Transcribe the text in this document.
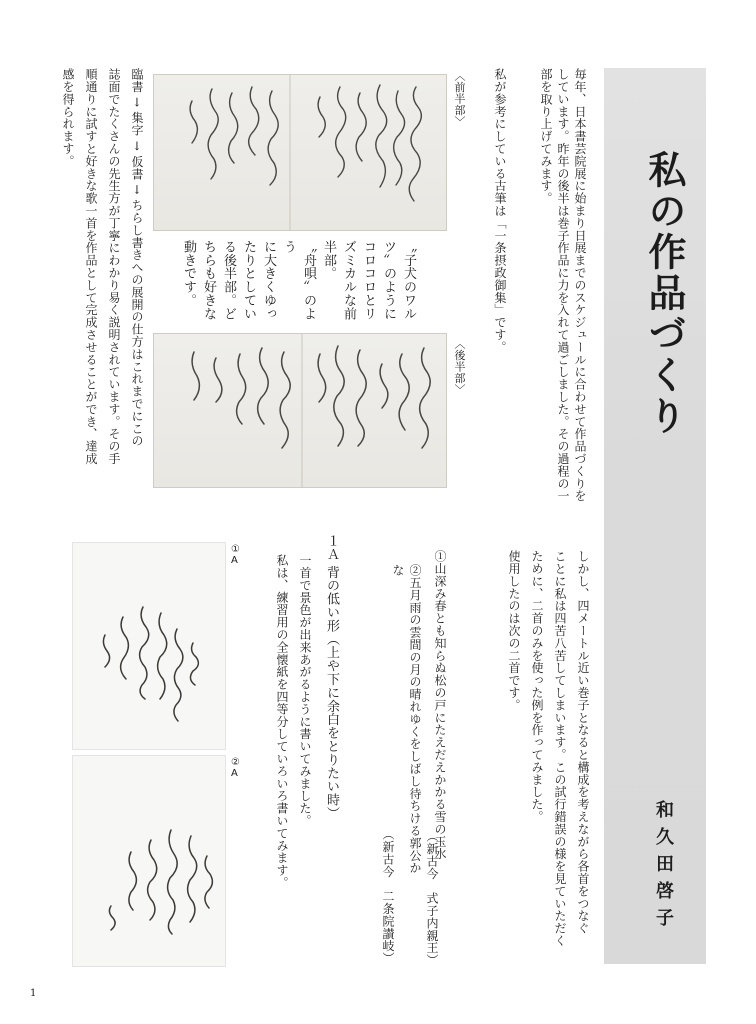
私の作品づくり
和久田啓子
毎年、日本書芸院展に始まり日展までのスケジュールに合わせて作品づくりをしています。昨年の後半は巻子作品に力を入れて過ごしました。その過程の一部を取り上げてみます。
私が参考にしている古筆は「一条摂政御集」です。
〈前半部〉
〈後半部〉
〝子犬のワル
ツ〟のように
コロコロとリ
ズミカルな前
半部。
〝舟唄〟のよう
に大きくゆっ
たりとしてい
る後半部。ど
ちらも好きな
動きです。
臨書 → 集字 → 仮書 → ちらし書きへの展開の仕方はこれまでにこの
誌面でたくさんの先生方が丁寧にわかり易く説明されています。その手
順通りに試すと好きな歌一首を作品として完成させることができ、達成
感を得られます。
しかし、四メートル近い巻子となると構成を考えながら各首をつなぐ
ことに私は四苦八苦してしまいます。この試行錯誤の様を見ていただく
ために、二首のみを使った例を作ってみました。
使用したのは次の二首です。
①山深み春とも知らぬ松の戸にたえだえかかる雪の玉水
（新古今　式子内親王）
②五月雨の雲間の月の晴れゆくをしばし待ちける郭公かな
（新古今　二条院讃岐）
１Ａ 背の低い形（上や下に余白をとりたい時）
一首で景色が出来あがるように書いてみました。
私は、練習用の全懐紙を四等分していろいろ書いてみます。
①
A
②
A
1
